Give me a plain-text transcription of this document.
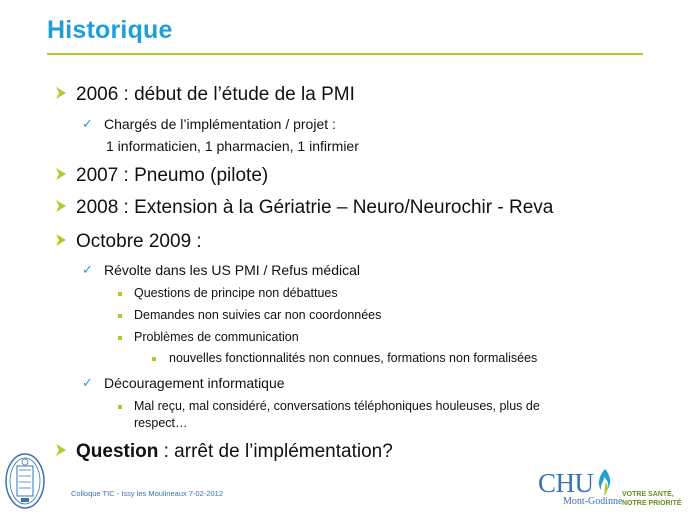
Historique
2006 : début de l’étude de la PMI
✓ Chargés de l’implémentation / projet :
1 informaticien, 1 pharmacien, 1 infirmier
2007 : Pneumo (pilote)
2008 : Extension à la Gériatrie – Neuro/Neurochir - Reva
Octobre 2009 :
✓ Révolte dans les US PMI / Refus médical
Questions de principe non débattues
Demandes non suivies car non coordonnées
Problèmes de communication
nouvelles fonctionnalités non connues, formations non formalisées
✓ Découragement informatique
Mal reçu, mal considéré, conversations téléphoniques houleuses, plus de
respect…
Question : arrêt de l’implémentation?
Colloque TIC - Issy les Moulineaux 7-02-2012	CHU
Mont-Godinne
VOTRE SANTÉ,
NOTRE PRIORITÉ
